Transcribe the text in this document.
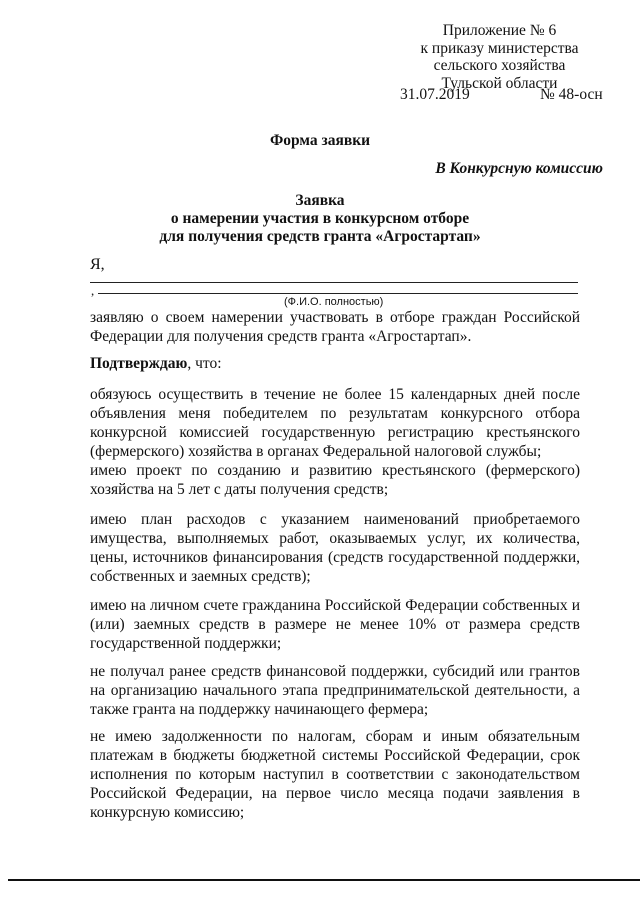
Приложение № 6
к приказу министерства
сельского хозяйства
Тульской области
31.07.2019	№ 48-осн
Форма заявки
В Конкурсную комиссию
Заявка
о намерении участия в конкурсном отборе
для получения средств гранта «Агростартап»
Я,
,
(Ф.И.О. полностью)
заявляю о своем намерении участвовать в отборе граждан Российской Федерации для получения средств гранта «Агростартап».
Подтверждаю, что:
обязуюсь осуществить в течение не более 15 календарных дней после объявления меня победителем по результатам конкурсного отбора конкурсной комиссией государственную регистрацию крестьянского (фермерского) хозяйства в органах Федеральной налоговой службы;
имею проект по созданию и развитию крестьянского (фермерского) хозяйства на 5 лет с даты получения средств;
имею план расходов с указанием наименований приобретаемого имущества, выполняемых работ, оказываемых услуг, их количества, цены, источников финансирования (средств государственной поддержки, собственных и заемных средств);
имею на личном счете гражданина Российской Федерации собственных и (или) заемных средств в размере не менее 10% от размера средств государственной поддержки;
не получал ранее средств финансовой поддержки, субсидий или грантов на организацию начального этапа предпринимательской деятельности, а также гранта на поддержку начинающего фермера;
не имею задолженности по налогам, сборам и иным обязательным платежам в бюджеты бюджетной системы Российской Федерации, срок исполнения по которым наступил в соответствии с законодательством Российской Федерации, на первое число месяца подачи заявления в конкурсную комиссию;
